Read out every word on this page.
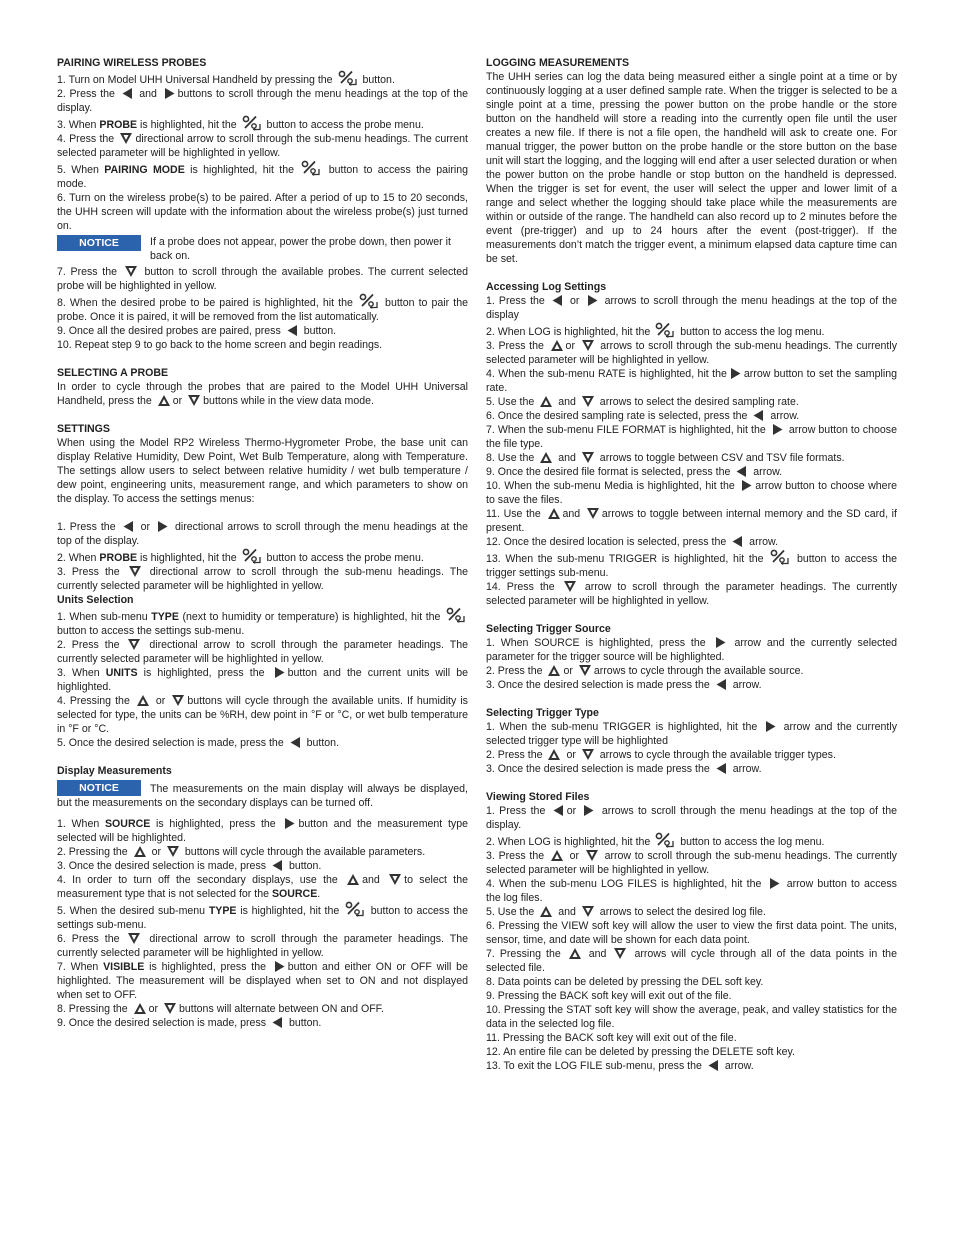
PAIRING WIRELESS PROBES

1. Turn on Model UHH Universal Handheld by pressing the	button.

2. Press the and buttons to scroll through the menu headings at the top of the display.

3. When PROBE is highlighted, hit the	button to access the probe menu.

4. Press the directional arrow to scroll through the sub-menu headings. The current selected parameter will be highlighted in yellow.

5. When PAIRING MODE is highlighted, hit the	button to access the pairing mode.

6. Turn on the wireless probe(s) to be paired. After a period of up to 15 to 20 seconds, the UHH screen will update with the information about the wireless probe(s) just turned on.

NOTICE	If a probe does not appear, power the probe down, then power it back on.

7. Press the	button to scroll through the available probes. The current selected probe will be highlighted in yellow.

8. When the desired probe to be paired is highlighted, hit the	button to pair the probe. Once it is paired, it will be removed from the list automatically.

9. Once all the desired probes are paired, press button.

10. Repeat step 9 to go back to the home screen and begin readings.

SELECTING A PROBE

In order to cycle through the probes that are paired to the Model UHH Universal Handheld, press the or buttons while in the view data mode.

SETTINGS

When using the Model RP2 Wireless Thermo-Hygrometer Probe, the base unit can display Relative Humidity, Dew Point, Wet Bulb Temperature, along with Temperature. The settings allow users to select between relative humidity / wet bulb temperature / dew point, engineering units, measurement range, and which parameters to show on the display. To access the settings menus:

1. Press the or directional arrows to scroll through the menu headings at the top of the display.

2. When PROBE is highlighted, hit the	button to access the probe menu.

3. Press the	directional arrow to scroll through the sub-menu headings. The currently selected parameter will be highlighted in yellow.

Units Selection

1. When sub-menu TYPE (next to humidity or temperature) is highlighted, hit the
button to access the settings sub-menu.

2. Press the	directional arrow to scroll through the parameter headings. The currently selected parameter will be highlighted in yellow.

3. When UNITS is highlighted, press the button and the current units will be highlighted.

4. Pressing the or buttons will cycle through the available units. If humidity is selected for type, the units can be %RH, dew point in °F or °C, or wet bulb temperature in °F or °C.

5. Once the desired selection is made, press the button.

Display Measurements

NOTICE	The measurements on the main display will always be displayed, but the measurements on the secondary displays can be turned off.

1. When SOURCE is highlighted, press the button and the measurement type selected will be highlighted.

2. Pressing the or buttons will cycle through the available parameters.

3. Once the desired selection is made, press button.

4. In order to turn off the secondary displays, use the and to select the measurement type that is not selected for the SOURCE.

5. When the desired sub-menu TYPE is highlighted, hit the	button to access the settings sub-menu.

6. Press the	directional arrow to scroll through the parameter headings. The currently selected parameter will be highlighted in yellow.

7. When VISIBLE is highlighted, press the button and either ON or OFF will be highlighted. The measurement will be displayed when set to ON and not displayed when set to OFF.

8. Pressing the or buttons will alternate between ON and OFF.

9. Once the desired selection is made, press button.

LOGGING MEASUREMENTS

The UHH series can log the data being measured either a single point at a time or by continuously logging at a user defined sample rate. When the trigger is selected to be a single point at a time, pressing the power button on the probe handle or the store button on the handheld will store a reading into the currently open file until the user creates a new file. If there is not a file open, the handheld will ask to create one. For manual trigger, the power button on the probe handle or the store button on the base unit will start the logging, and the logging will end after a user selected duration or when the power button on the probe handle or stop button on the handheld is depressed. When the trigger is set for event, the user will select the upper and lower limit of a range and select whether the logging should take place while the measurements are within or outside of the range. The handheld can also record up to 2 minutes before the event (pre-trigger) and up to 24 hours after the event (post-trigger). If the measurements don’t match the trigger event, a minimum elapsed data capture time can be set.

Accessing Log Settings

1. Press the or arrows to scroll through the menu headings at the top of the display

2. When LOG is highlighted, hit the	button to access the log menu.

3. Press the or arrows to scroll through the sub-menu headings. The currently selected parameter will be highlighted in yellow.

4. When the sub-menu RATE is highlighted, hit the arrow button to set the sampling rate.

5. Use the and arrows to select the desired sampling rate.

6. Once the desired sampling rate is selected, press the arrow.

7. When the sub-menu FILE FORMAT is highlighted, hit the arrow button to choose the file type.

8. Use the and arrows to toggle between CSV and TSV file formats.

9. Once the desired file format is selected, press the arrow.

10. When the sub-menu Media is highlighted, hit the arrow button to choose where to save the files.

11. Use the and arrows to toggle between internal memory and the SD card, if present.

12. Once the desired location is selected, press the arrow.

13. When the sub-menu TRIGGER is highlighted, hit the	button to access the trigger settings sub-menu.

14. Press the	arrow to scroll through the parameter headings. The currently selected parameter will be highlighted in yellow.

Selecting Trigger Source

1. When SOURCE is highlighted, press the	arrow and the currently selected parameter for the trigger source will be highlighted.

2. Press the or arrows to cycle through the available source.

3. Once the desired selection is made press the arrow.

Selecting Trigger Type

1. When the sub-menu TRIGGER is highlighted, hit the arrow and the currently selected trigger type will be highlighted

2. Press the or arrows to cycle through the available trigger types.

3. Once the desired selection is made press the arrow.

Viewing Stored Files

1. Press the or arrows to scroll through the menu headings at the top of the display.

2. When LOG is highlighted, hit the	button to access the log menu.

3. Press the or arrow to scroll through the sub-menu headings. The currently selected parameter will be highlighted in yellow.

4. When the sub-menu LOG FILES is highlighted, hit the arrow button to access the log files.

5. Use the and arrows to select the desired log file.

6. Pressing the VIEW soft key will allow the user to view the first data point. The units, sensor, time, and date will be shown for each data point.

7. Pressing the	and	arrows will cycle through all of the data points in the selected file.

8. Data points can be deleted by pressing the DEL soft key.

9. Pressing the BACK soft key will exit out of the file.

10. Pressing the STAT soft key will show the average, peak, and valley statistics for the data in the selected log file.

11. Pressing the BACK soft key will exit out of the file.

12. An entire file can be deleted by pressing the DELETE soft key.

13. To exit the LOG FILE sub-menu, press the arrow.
